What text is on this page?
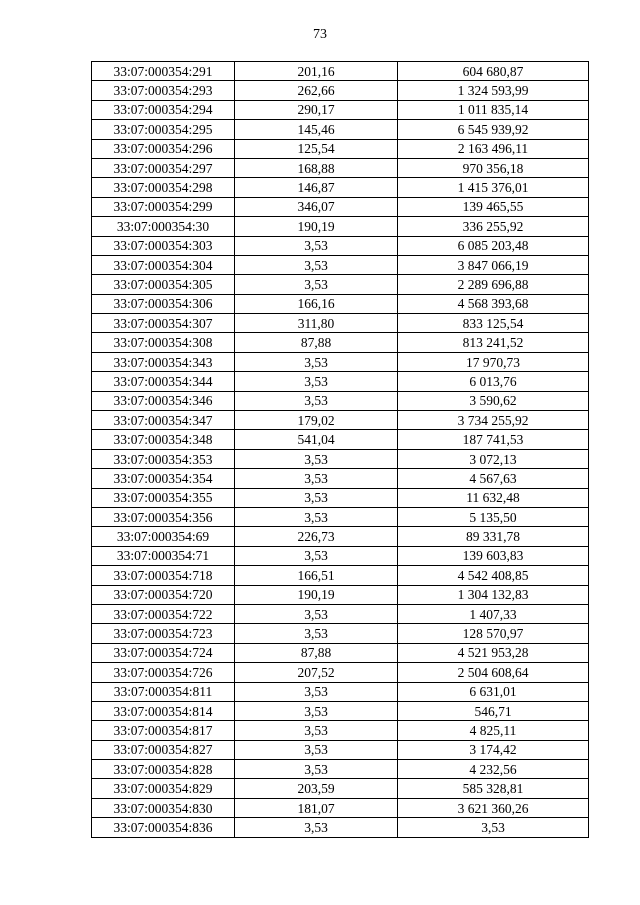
73
33:07:000354:291	201,16	604 680,87
33:07:000354:293	262,66	1 324 593,99
33:07:000354:294	290,17	1 011 835,14
33:07:000354:295	145,46	6 545 939,92
33:07:000354:296	125,54	2 163 496,11
33:07:000354:297	168,88	970 356,18
33:07:000354:298	146,87	1 415 376,01
33:07:000354:299	346,07	139 465,55
33:07:000354:30	190,19	336 255,92
33:07:000354:303	3,53	6 085 203,48
33:07:000354:304	3,53	3 847 066,19
33:07:000354:305	3,53	2 289 696,88
33:07:000354:306	166,16	4 568 393,68
33:07:000354:307	311,80	833 125,54
33:07:000354:308	87,88	813 241,52
33:07:000354:343	3,53	17 970,73
33:07:000354:344	3,53	6 013,76
33:07:000354:346	3,53	3 590,62
33:07:000354:347	179,02	3 734 255,92
33:07:000354:348	541,04	187 741,53
33:07:000354:353	3,53	3 072,13
33:07:000354:354	3,53	4 567,63
33:07:000354:355	3,53	11 632,48
33:07:000354:356	3,53	5 135,50
33:07:000354:69	226,73	89 331,78
33:07:000354:71	3,53	139 603,83
33:07:000354:718	166,51	4 542 408,85
33:07:000354:720	190,19	1 304 132,83
33:07:000354:722	3,53	1 407,33
33:07:000354:723	3,53	128 570,97
33:07:000354:724	87,88	4 521 953,28
33:07:000354:726	207,52	2 504 608,64
33:07:000354:811	3,53	6 631,01
33:07:000354:814	3,53	546,71
33:07:000354:817	3,53	4 825,11
33:07:000354:827	3,53	3 174,42
33:07:000354:828	3,53	4 232,56
33:07:000354:829	203,59	585 328,81
33:07:000354:830	181,07	3 621 360,26
33:07:000354:836	3,53	3,53
